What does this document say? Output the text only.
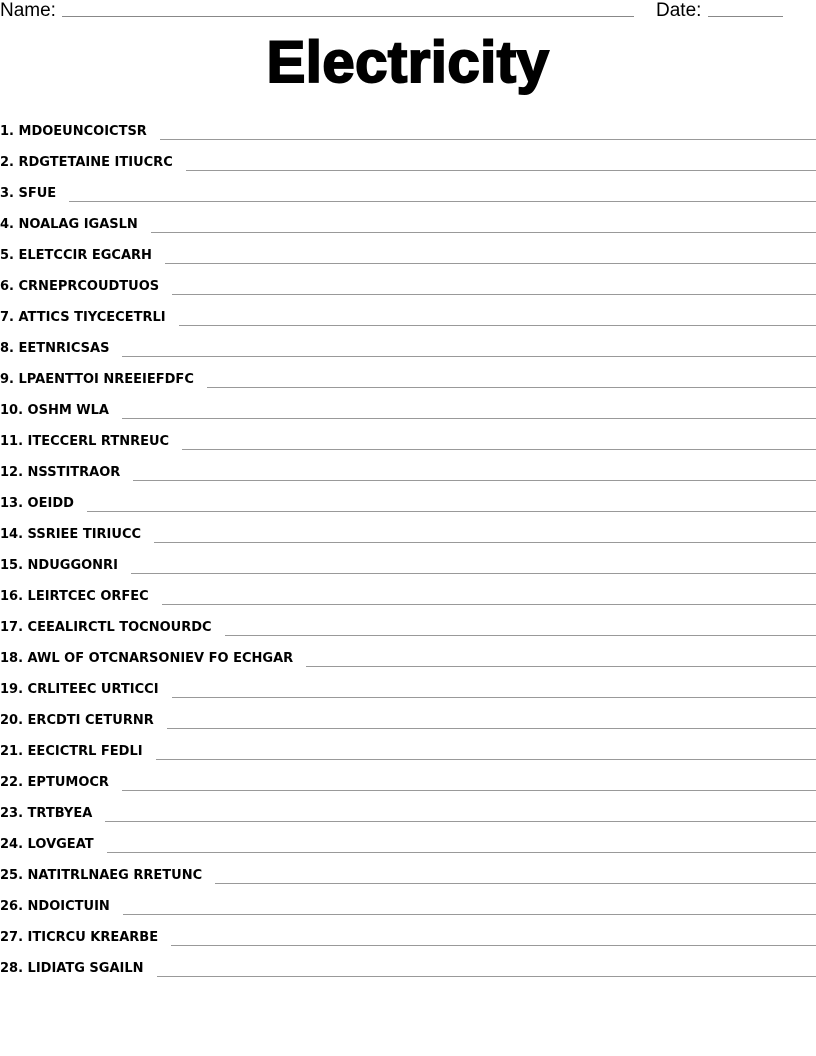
Name:	Date:
Electricity
1. MDOEUNCOICTSR
2. RDGTETAINE ITIUCRC
3. SFUE
4. NOALAG IGASLN
5. ELETCCIR EGCARH
6. CRNEPRCOUDTUOS
7. ATTICS TIYCECETRLI
8. EETNRICSAS
9. LPAENTTOI NREEIEFDFC
10. OSHM WLA
11. ITECCERL RTNREUC
12. NSSTITRAOR
13. OEIDD
14. SSRIEE TIRIUCC
15. NDUGGONRI
16. LEIRTCEC ORFEC
17. CEEALIRCTL TOCNOURDC
18. AWL OF OTCNARSONIEV FO ECHGAR
19. CRLITEEC URTICCI
20. ERCDTI CETURNR
21. EECICTRL FEDLI
22. EPTUMOCR
23. TRTBYEA
24. LOVGEAT
25. NATITRLNAEG RRETUNC
26. NDOICTUIN
27. ITICRCU KREARBE
28. LIDIATG SGAILN
